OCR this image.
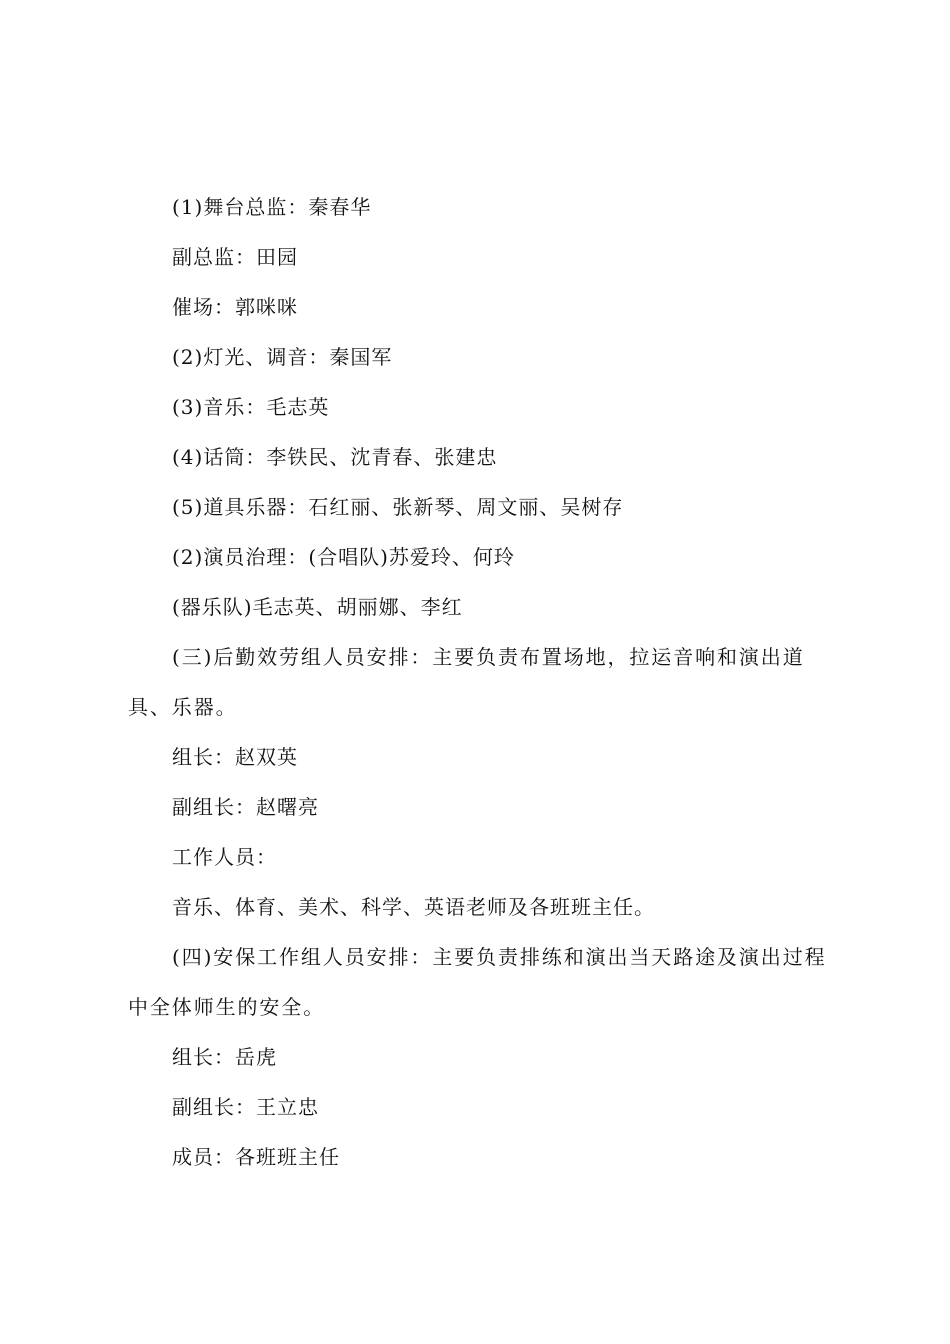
(1)舞台总监：秦春华
副总监：田园
催场：郭咪咪
(2)灯光、调音：秦国军
(3)音乐：毛志英
(4)话筒：李铁民、沈青春、张建忠
(5)道具乐器：石红丽、张新琴、周文丽、吴树存
(2)演员治理：(合唱队)苏爱玲、何玲
(器乐队)毛志英、胡丽娜、李红
(三)后勤效劳组人员安排：主要负责布置场地，拉运音响和演出道具、乐器。
组长：赵双英
副组长：赵曙亮
工作人员：
音乐、体育、美术、科学、英语老师及各班班主任。
(四)安保工作组人员安排：主要负责排练和演出当天路途及演出过程中全体师生的安全。
组长：岳虎
副组长：王立忠
成员：各班班主任
